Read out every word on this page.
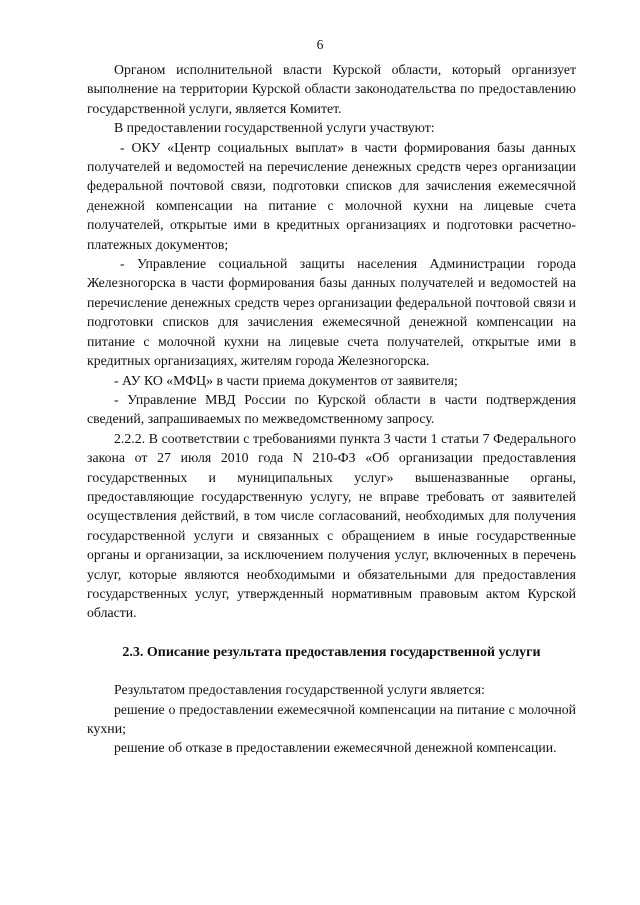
6

Органом исполнительной власти Курской области, который организует выполнение на территории Курской области законодательства по предоставлению государственной услуги, является Комитет.

В предоставлении государственной услуги участвуют:

- ОКУ «Центр социальных выплат» в части формирования базы данных получателей и ведомостей на перечисление денежных средств через организации федеральной почтовой связи, подготовки списков для зачисления ежемесячной денежной компенсации на питание с молочной кухни на лицевые счета получателей, открытые ими в кредитных организациях и подготовки расчетно-платежных документов;

- Управление социальной защиты населения Администрации города Железногорска в части формирования базы данных получателей и ведомостей на перечисление денежных средств через организации федеральной почтовой связи и подготовки списков для зачисления ежемесячной денежной компенсации на питание с молочной кухни на лицевые счета получателей, открытые ими в кредитных организациях, жителям города Железногорска.

- АУ КО «МФЦ» в части приема документов от заявителя;

- Управление МВД России по Курской области в части подтверждения сведений, запрашиваемых по межведомственному запросу.

2.2.2. В соответствии с требованиями пункта 3 части 1 статьи 7 Федерального закона от 27 июля 2010 года N 210-ФЗ «Об организации предоставления государственных и муниципальных услуг» вышеназванные органы, предоставляющие государственную услугу, не вправе требовать от заявителей осуществления действий, в том числе согласований, необходимых для получения государственной услуги и связанных с обращением в иные государственные органы и организации, за исключением получения услуг, включенных в перечень услуг, которые являются необходимыми и обязательными для предоставления государственных услуг, утвержденный нормативным правовым актом Курской области.

2.3. Описание результата предоставления государственной услуги

Результатом предоставления государственной услуги является:

решение о предоставлении ежемесячной компенсации на питание с молочной кухни;

решение об отказе в предоставлении ежемесячной денежной компенсации.
